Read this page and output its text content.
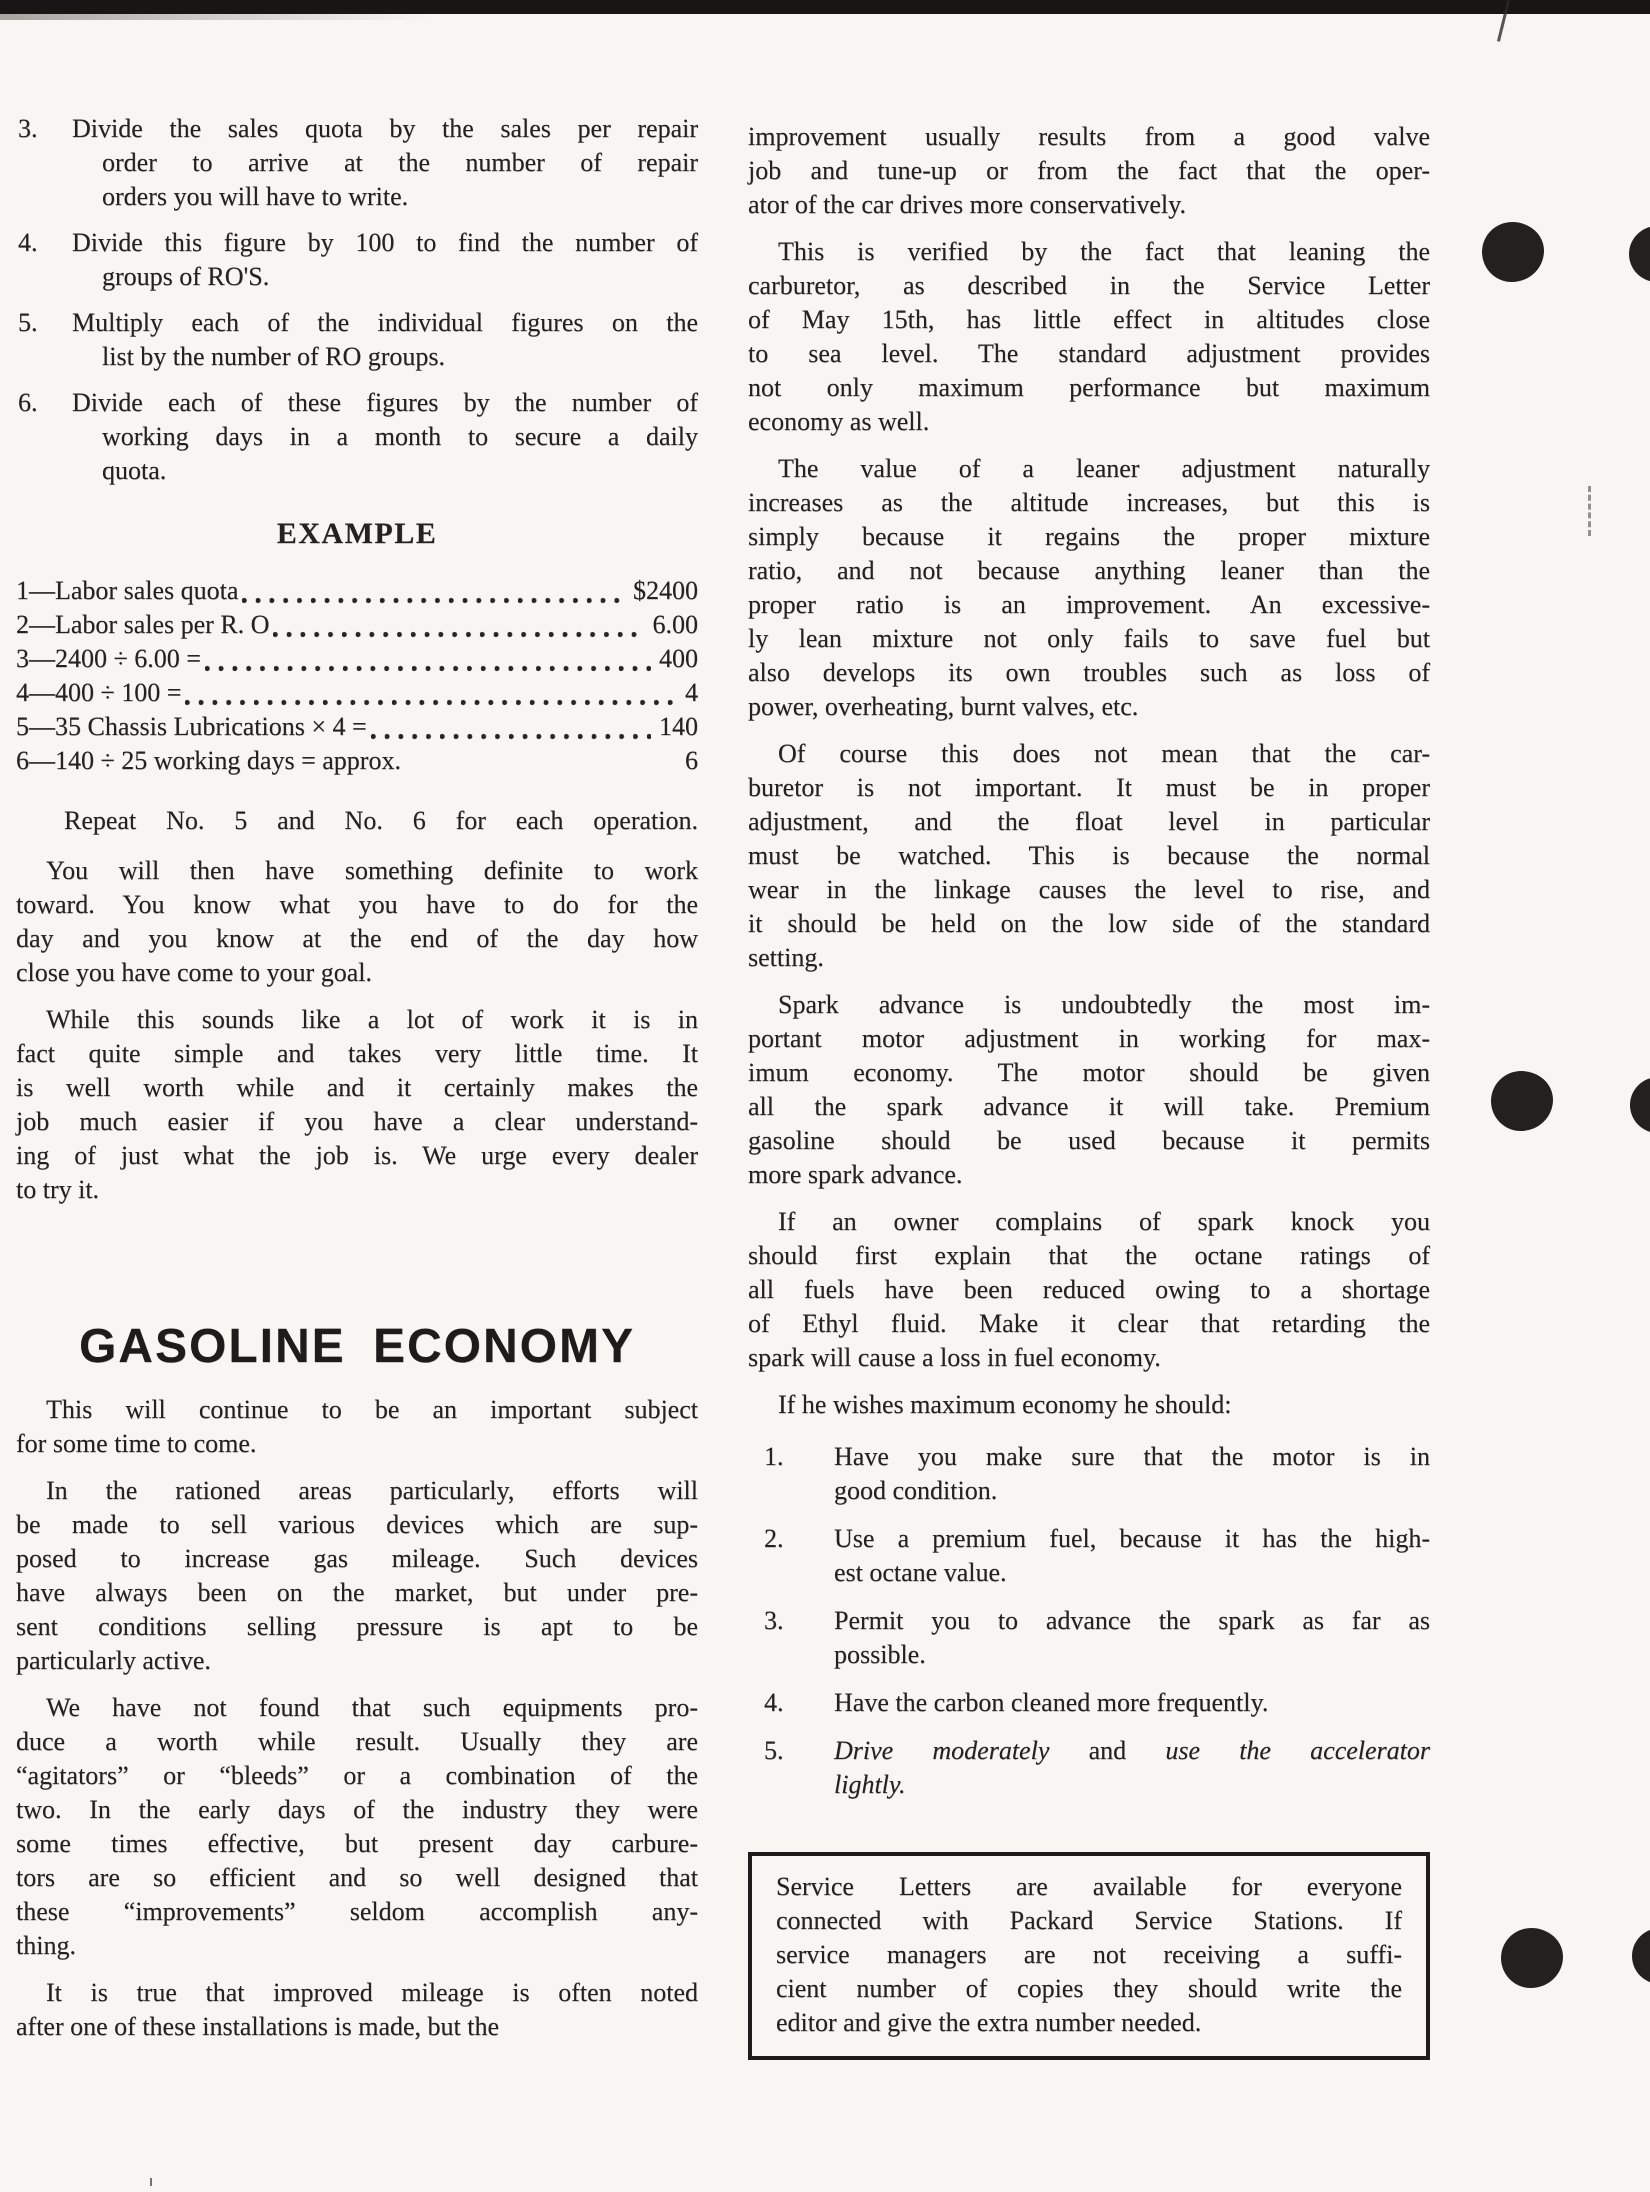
3. Divide the sales quota by the sales per repair
order to arrive at the number of repair
orders you will have to write.
4. Divide this figure by 100 to find the number of
groups of RO'S.
5. Multiply each of the individual figures on the
list by the number of RO groups.
6. Divide each of these figures by the number of
working days in a month to secure a daily
quota.
EXAMPLE
1—Labor sales quota	$2400
2—Labor sales per R. O	6.00
3—2400 ÷ 6.00 =	400
4—400 ÷ 100 =	4
5—35 Chassis Lubrications × 4 =	140
6—140 ÷ 25 working days = approx.	6

Repeat No. 5 and No. 6 for each operation.

You will then have something definite to work
toward. You know what you have to do for the
day and you know at the end of the day how
close you have come to your goal.
While this sounds like a lot of work it is in
fact quite simple and takes very little time. It
is well worth while and it certainly makes the
job much easier if you have a clear understand-
ing of just what the job is. We urge every dealer
to try it.
GASOLINE ECONOMY
This will continue to be an important subject
for some time to come.
In the rationed areas particularly, efforts will
be made to sell various devices which are sup-
posed to increase gas mileage. Such devices
have always been on the market, but under pre-
sent conditions selling pressure is apt to be
particularly active.
We have not found that such equipments pro-
duce a worth while result. Usually they are
“agitators” or “bleeds” or a combination of the
two. In the early days of the industry they were
some times effective, but present day carbure-
tors are so efficient and so well designed that
these “improvements” seldom accomplish any-
thing.
It is true that improved mileage is often noted
after one of these installations is made, but the
improvement usually results from a good valve
job and tune-up or from the fact that the oper-
ator of the car drives more conservatively.
This is verified by the fact that leaning the
carburetor, as described in the Service Letter
of May 15th, has little effect in altitudes close
to sea level. The standard adjustment provides
not only maximum performance but maximum
economy as well.
The value of a leaner adjustment naturally
increases as the altitude increases, but this is
simply because it regains the proper mixture
ratio, and not because anything leaner than the
proper ratio is an improvement. An excessive-
ly lean mixture not only fails to save fuel but
also develops its own troubles such as loss of
power, overheating, burnt valves, etc.
Of course this does not mean that the car-
buretor is not important. It must be in proper
adjustment, and the float level in particular
must be watched. This is because the normal
wear in the linkage causes the level to rise, and
it should be held on the low side of the standard
setting.
Spark advance is undoubtedly the most im-
portant motor adjustment in working for max-
imum economy. The motor should be given
all the spark advance it will take. Premium
gasoline should be used because it permits
more spark advance.
If an owner complains of spark knock you
should first explain that the octane ratings of
all fuels have been reduced owing to a shortage
of Ethyl fluid. Make it clear that retarding the
spark will cause a loss in fuel economy.

If he wishes maximum economy he should:

1. Have you make sure that the motor is in
good condition.
2. Use a premium fuel, because it has the high-
est octane value.
3. Permit you to advance the spark as far as
possible.
4. Have the carbon cleaned more frequently.
5. Drive moderately and use the accelerator
lightly.
Service Letters are available for everyone
connected with Packard Service Stations. If
service managers are not receiving a suffi-
cient number of copies they should write the
editor and give the extra number needed.
